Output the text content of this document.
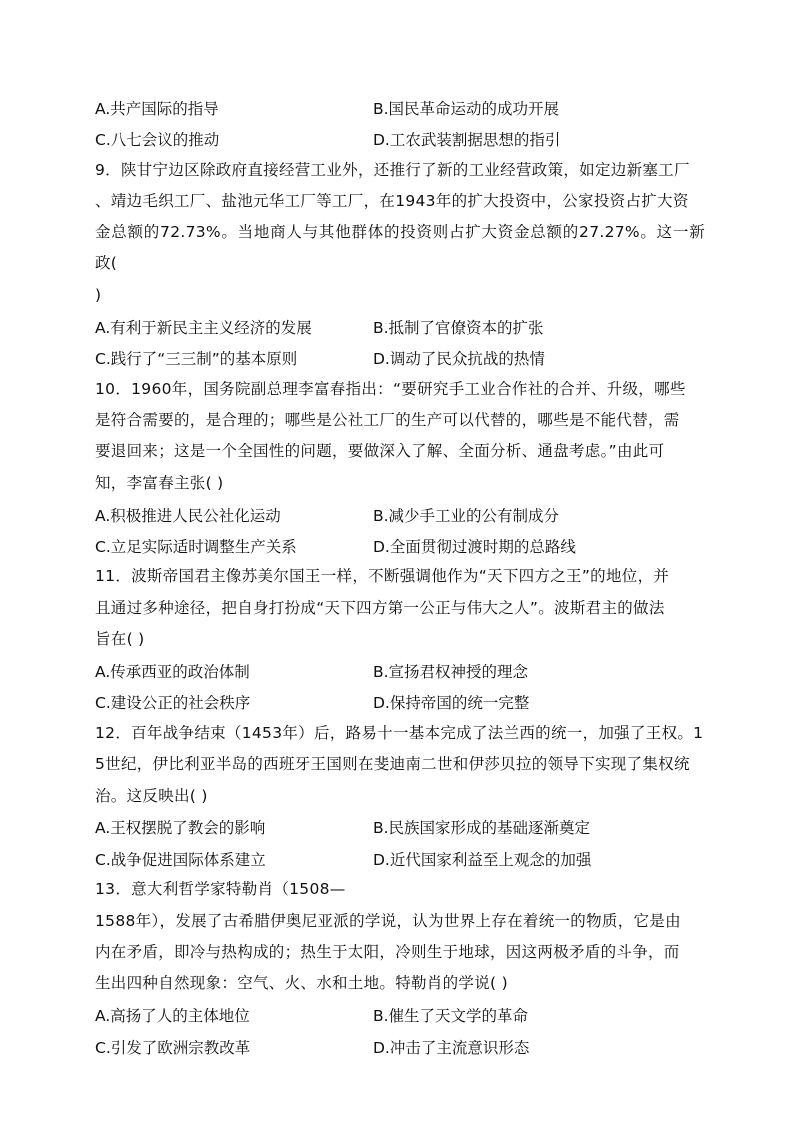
A.共产国际的指导	B.国民革命运动的成功开展
C.八七会议的推动	D.工农武装割据思想的指引

9．陕甘宁边区除政府直接经营工业外，还推行了新的工业经营政策，如定边新塞工厂

、靖边毛织工厂、盐池元华工厂等工厂，在1943年的扩大投资中，公家投资占扩大资

金总额的72.73%。当地商人与其他群体的投资则占扩大资金总额的27.27%。这一新政(

)

A.有利于新民主主义经济的发展	B.抵制了官僚资本的扩张
C.践行了“三三制”的基本原则	D.调动了民众抗战的热情

10．1960年，国务院副总理李富春指出：“要研究手工业合作社的合并、升级，哪些

是符合需要的，是合理的；哪些是公社工厂的生产可以代替的，哪些是不能代替，需

要退回来；这是一个全国性的问题，要做深入了解、全面分析、通盘考虑。”由此可

知，李富春主张( )

A.积极推进人民公社化运动	B.减少手工业的公有制成分
C.立足实际适时调整生产关系	D.全面贯彻过渡时期的总路线

11．波斯帝国君主像苏美尔国王一样，不断强调他作为“天下四方之王”的地位，并

且通过多种途径，把自身打扮成“天下四方第一公正与伟大之人”。波斯君主的做法

旨在( )

A.传承西亚的政治体制	B.宣扬君权神授的理念
C.建设公正的社会秩序	D.保持帝国的统一完整

12．百年战争结束（1453年）后，路易十一基本完成了法兰西的统一，加强了王权。1

5世纪，伊比利亚半岛的西班牙王国则在斐迪南二世和伊莎贝拉的领导下实现了集权统

治。这反映出( )

A.王权摆脱了教会的影响	B.民族国家形成的基础逐渐奠定
C.战争促进国际体系建立	D.近代国家利益至上观念的加强

13．意大利哲学家特勒肖（1508—

1588年），发展了古希腊伊奥尼亚派的学说，认为世界上存在着统一的物质，它是由

内在矛盾，即冷与热构成的；热生于太阳，冷则生于地球，因这两极矛盾的斗争，而

生出四种自然现象：空气、火、水和土地。特勒肖的学说( )

A.高扬了人的主体地位	B.催生了天文学的革命
C.引发了欧洲宗教改革	D.冲击了主流意识形态
